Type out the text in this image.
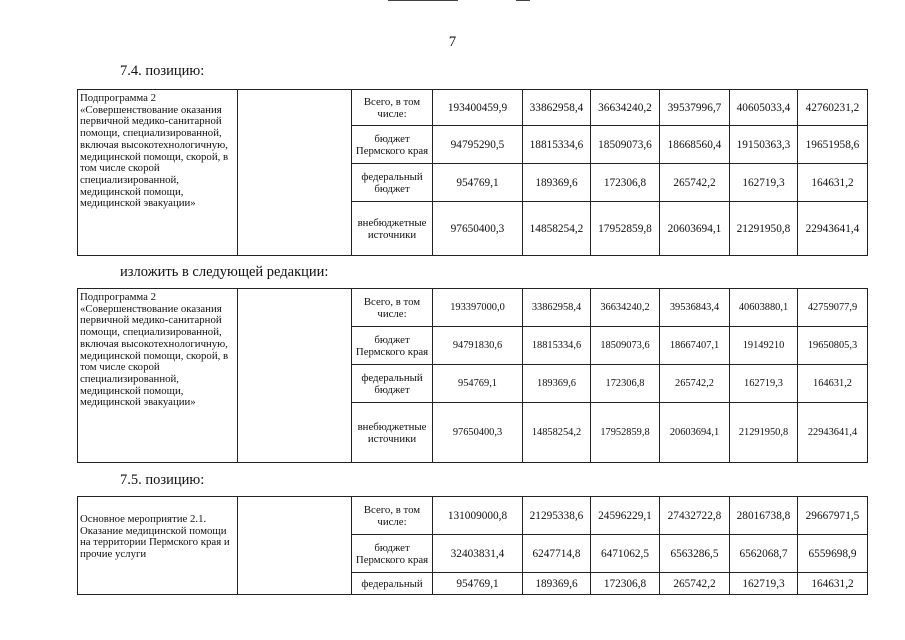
7
7.4. позицию:
Подпрограмма 2
«Совершенствование оказания первичной медико-санитарной помощи, специализированной, включая высокотехнологичную, медицинской помощи, скорой, в том числе скорой специализированной, медицинской помощи, медицинской эвакуации»		Всего, в том числе:	193400459,9	33862958,4	36634240,2	39537996,7	40605033,4	42760231,2
		бюджет Пермского края	94795290,5	18815334,6	18509073,6	18668560,4	19150363,3	19651958,6
		федеральный бюджет	954769,1	189369,6	172306,8	265742,2	162719,3	164631,2
		внебюджетные источники	97650400,3	14858254,2	17952859,8	20603694,1	21291950,8	22943641,4
изложить в следующей редакции:
Подпрограмма 2
«Совершенствование оказания первичной медико-санитарной помощи, специализированной, включая высокотехнологичную, медицинской помощи, скорой, в том числе скорой специализированной, медицинской помощи, медицинской эвакуации»		Всего, в том числе:	193397000,0	33862958,4	36634240,2	39536843,4	40603880,1	42759077,9
		бюджет Пермского края	94791830,6	18815334,6	18509073,6	18667407,1	19149210	19650805,3
		федеральный бюджет	954769,1	189369,6	172306,8	265742,2	162719,3	164631,2
		внебюджетные источники	97650400,3	14858254,2	17952859,8	20603694,1	21291950,8	22943641,4
7.5. позицию:
Основное мероприятие 2.1. Оказание медицинской помощи на территории Пермского края и прочие услуги		Всего, в том числе:	131009000,8	21295338,6	24596229,1	27432722,8	28016738,8	29667971,5
		бюджет Пермского края	32403831,4	6247714,8	6471062,5	6563286,5	6562068,7	6559698,9
		федеральный	954769,1	189369,6	172306,8	265742,2	162719,3	164631,2
